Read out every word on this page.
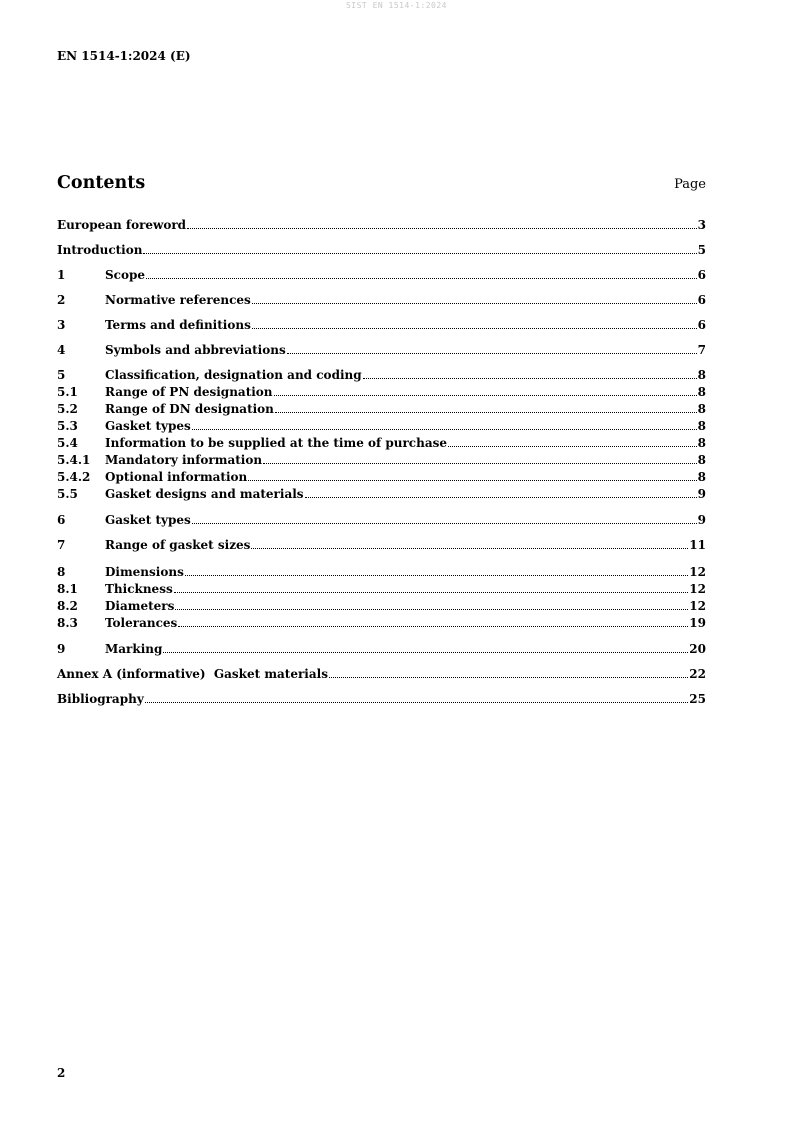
SIST EN 1514-1:2024
EN 1514-1:2024 (E)
Contents	Page
European foreword	3
Introduction	5
1	Scope	6
2	Normative references	6
3	Terms and definitions	6
4	Symbols and abbreviations	7
5	Classification, designation and coding	8
5.1	Range of PN designation	8
5.2	Range of DN designation	8
5.3	Gasket types	8
5.4	Information to be supplied at the time of purchase	8
5.4.1	Mandatory information	8
5.4.2	Optional information	8
5.5	Gasket designs and materials	9
6	Gasket types	9
7	Range of gasket sizes	11
8	Dimensions	12
8.1	Thickness	12
8.2	Diameters	12
8.3	Tolerances	19
9	Marking	20
Annex A (informative)  Gasket materials	22
Bibliography	25
2
